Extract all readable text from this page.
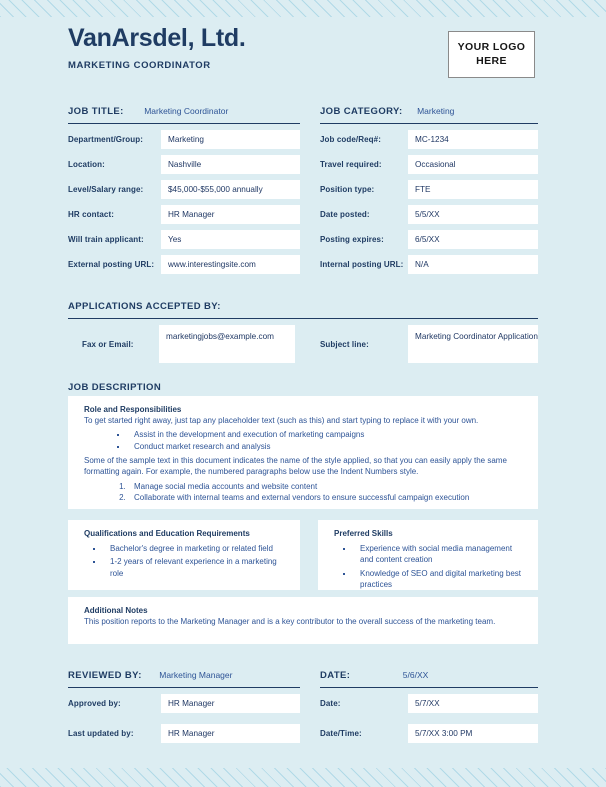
VanArsdel, Ltd.
MARKETING COORDINATOR
YOUR LOGO
HERE
JOB TITLE: Marketing Coordinator	JOB CATEGORY: Marketing
Department/Group:	Marketing
Location:	Nashville
Level/Salary range:	$45,000-$55,000 annually
HR contact:	HR Manager
Will train applicant:	Yes
External posting URL:	www.interestingsite.com
Job code/Req#:	MC-1234
Travel required:	Occasional
Position type:	FTE
Date posted:	5/5/XX
Posting expires:	6/5/XX
Internal posting URL:	N/A
APPLICATIONS ACCEPTED BY:
Fax or Email:
marketingjobs@example.com
Subject line:
Marketing Coordinator Application
JOB DESCRIPTION
Role and Responsibilities

To get started right away, just tap any placeholder text (such as this) and start typing to replace it with your own.

▪ Assist in the development and execution of marketing campaigns
▪ Conduct market research and analysis

Some of the sample text in this document indicates the name of the style applied, so that you can easily apply the same formatting again. For example, the numbered paragraphs below use the Indent Numbers style.

1. Manage social media accounts and website content
2. Collaborate with internal teams and external vendors to ensure successful campaign execution
Qualifications and Education Requirements
▪ Bachelor's degree in marketing or related field
▪ 1-2 years of relevant experience in a marketing role
Preferred Skills
▪ Experience with social media management and content creation
▪ Knowledge of SEO and digital marketing best practices
Additional Notes

This position reports to the Marketing Manager and is a key contributor to the overall success of the marketing team.

REVIEWED BY: Marketing Manager	DATE:	5/6/XX
Approved by:	HR Manager
Last updated by:	HR Manager
Date:	5/7/XX
Date/Time:	5/7/XX 3:00 PM
